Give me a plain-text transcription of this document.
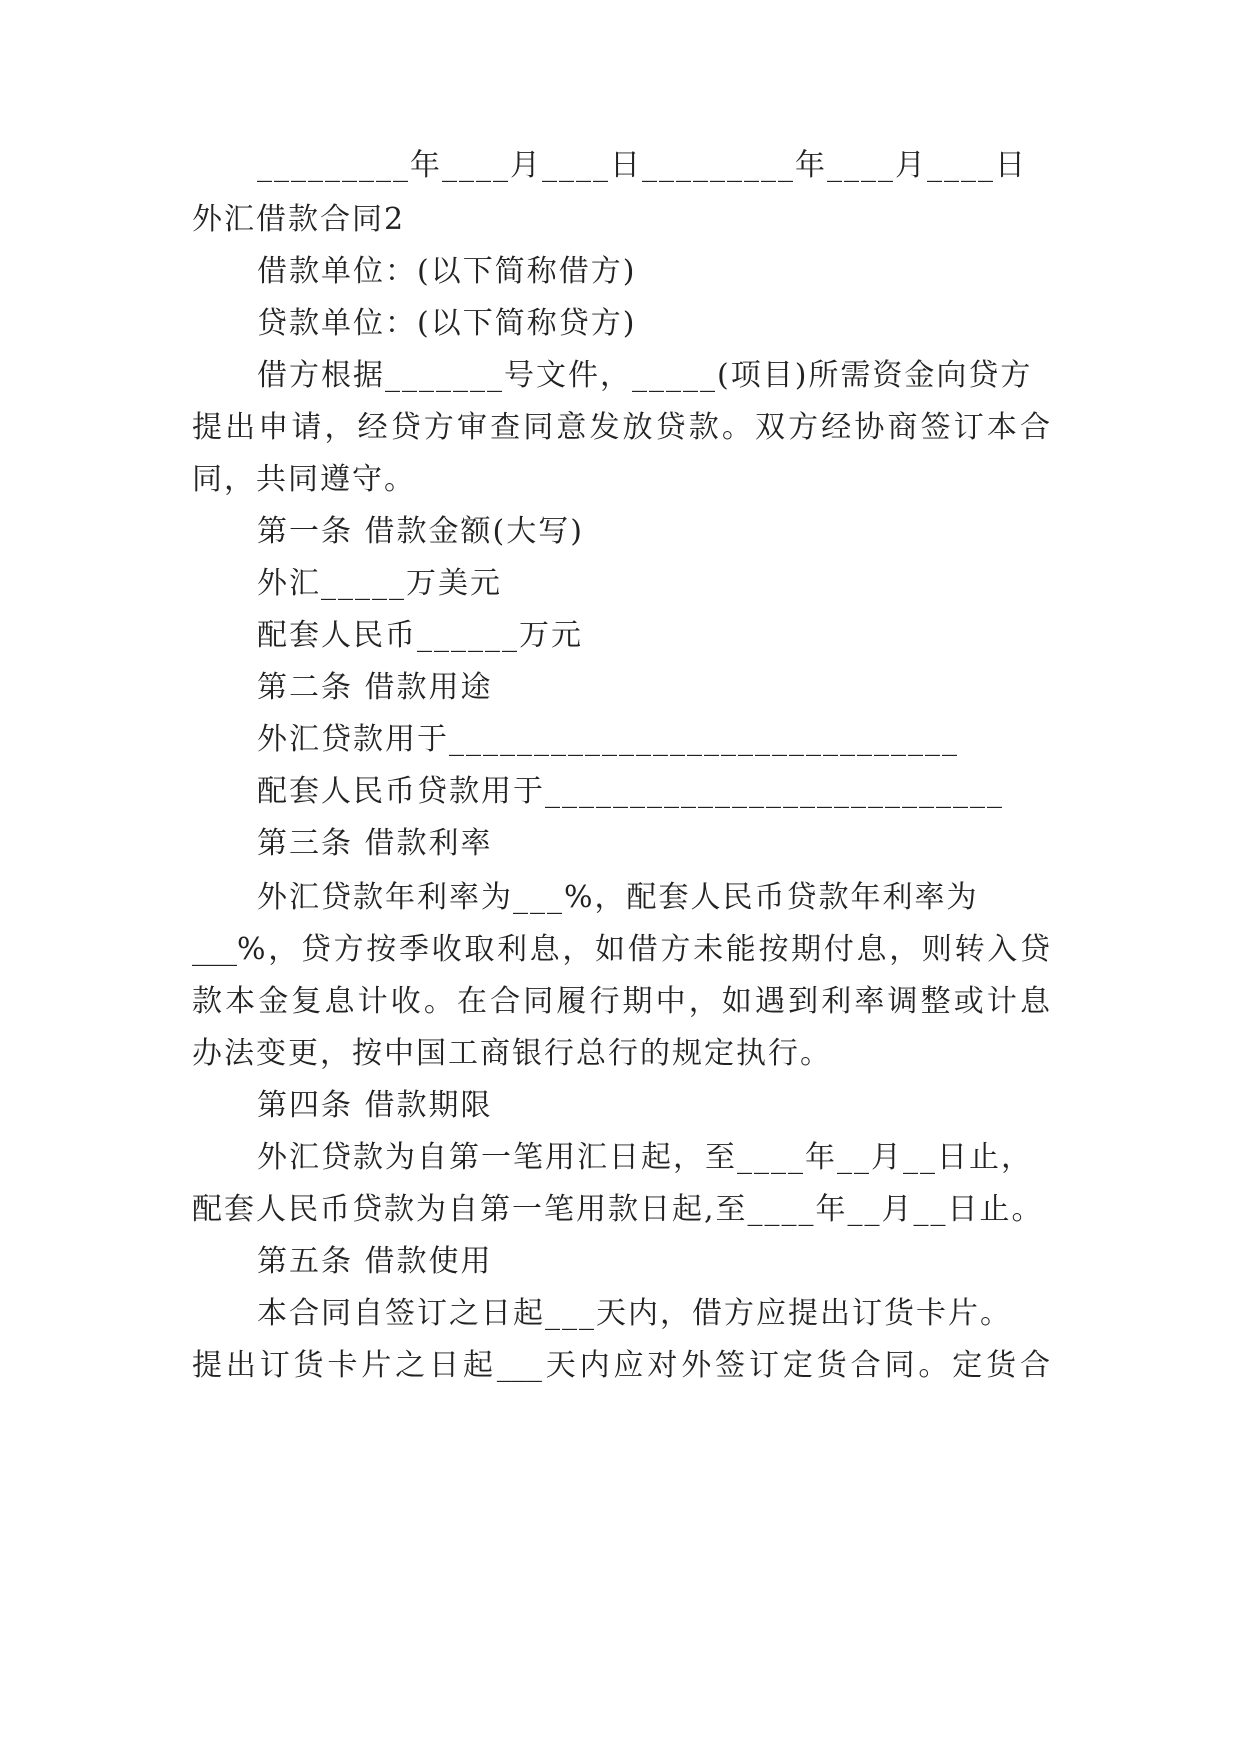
_________年____月____日_________年____月____日
外汇借款合同2
借款单位：(以下简称借方)
贷款单位：(以下简称贷方)
借方根据_______号文件，_____(项目)所需资金向贷方
提出申请，经贷方审查同意发放贷款。双方经协商签订本合
同，共同遵守。
第一条 借款金额(大写)
外汇_____万美元
配套人民币______万元
第二条 借款用途
外汇贷款用于______________________________
配套人民币贷款用于___________________________
第三条 借款利率
外汇贷款年利率为___%，配套人民币贷款年利率为
___%，贷方按季收取利息，如借方未能按期付息，则转入贷
款本金复息计收。在合同履行期中，如遇到利率调整或计息
办法变更，按中国工商银行总行的规定执行。
第四条 借款期限
外汇贷款为自第一笔用汇日起，至____年__月__日止，
配套人民币贷款为自第一笔用款日起,至____年__月__日止。
第五条 借款使用
本合同自签订之日起___天内，借方应提出订货卡片。
提出订货卡片之日起___天内应对外签订定货合同。定货合
